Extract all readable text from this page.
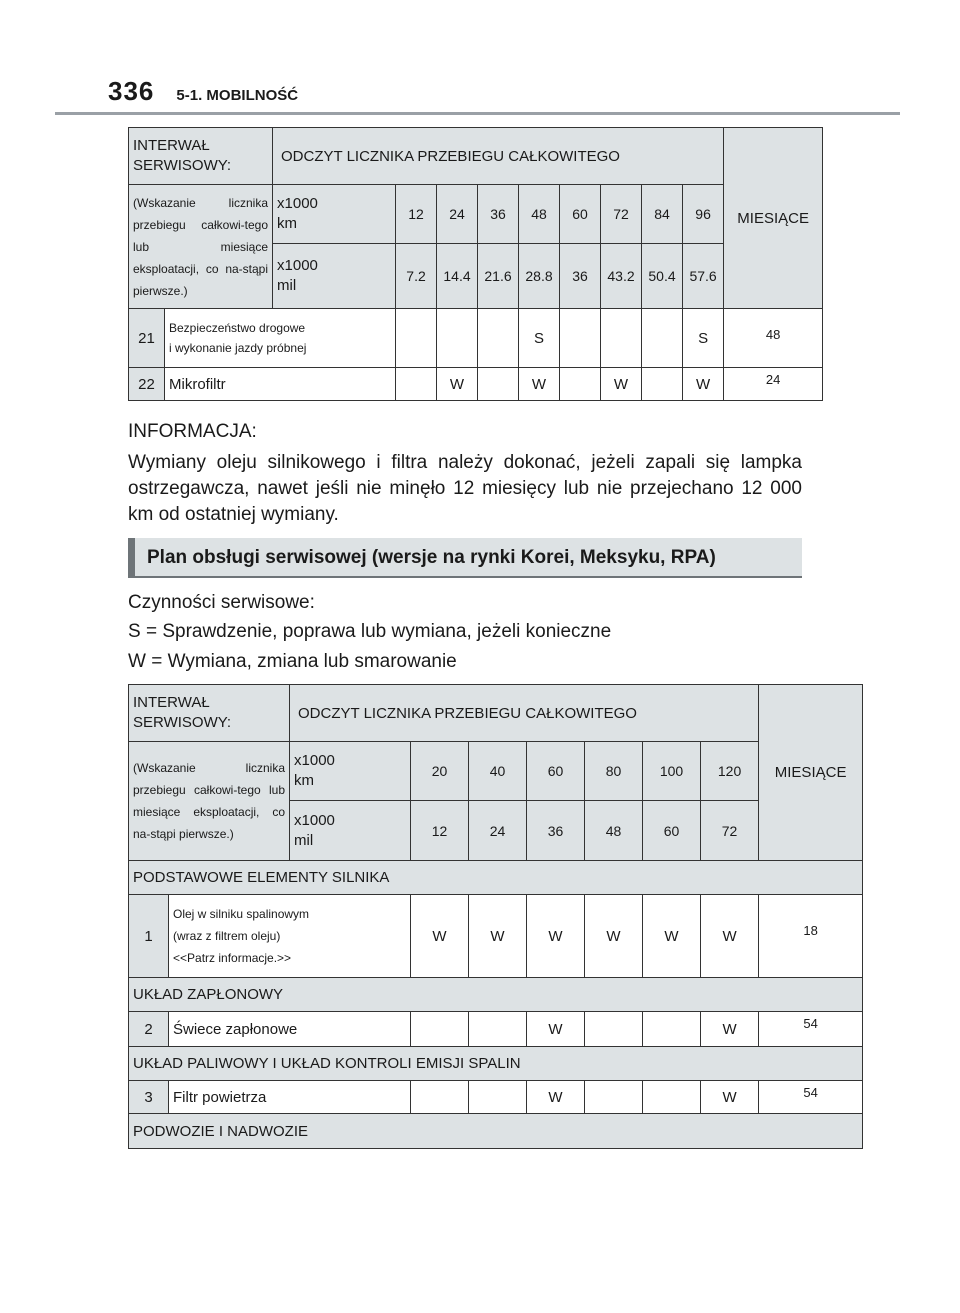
336 5-1. MOBILNOŚĆ
INTERWAŁ
SERWISOWY:		ODCZYT LICZNIKA PRZEBIEGU CAŁKOWITEGO									MIESIĄCE
(Wskazanie licznika przebiegu całkowi-tego lub miesiące eksploatacji, co na-stąpi pierwsze.)		x1000
km	12	24	36	48	60	72	84	96	
		x1000
mil	7.2	14.4	21.6	28.8	36	43.2	50.4	57.6	
21	Bezpieczeństwo drogowe
i wykonanie jazdy próbnej					S				S	48
22	Mikrofiltr			W		W		W		W	24
INFORMACJA:
Wymiany oleju silnikowego i filtra należy dokonać, jeżeli zapali się lampka ostrzegawcza, nawet jeśli nie minęło 12 miesięcy lub nie przejechano 12 000 km od ostatniej wymiany.
Plan obsługi serwisowej (wersje na rynki Korei, Meksyku, RPA)
Czynności serwisowe:
S = Sprawdzenie, poprawa lub wymiana, jeżeli konieczne
W = Wymiana, zmiana lub smarowanie
INTERWAŁ
SERWISOWY:		ODCZYT LICZNIKA PRZEBIEGU CAŁKOWITEGO							MIESIĄCE
(Wskazanie licznika przebiegu całkowi-tego lub miesiące eksploatacji, co na-stąpi pierwsze.)		x1000
km	20	40	60	80	100	120	
		x1000
mil	12	24	36	48	60	72	
PODSTAWOWE ELEMENTY SILNIKA									
1	Olej w silniku spalinowym
(wraz z filtrem oleju)
<<Patrz informacje.>>		W	W	W	W	W	W	18
UKŁAD ZAPŁONOWY									
2	Świece zapłonowe				W			W	54
UKŁAD PALIWOWY I UKŁAD KONTROLI EMISJI SPALIN									
3	Filtr powietrza				W			W	54
PODWOZIE I NADWOZIE									
